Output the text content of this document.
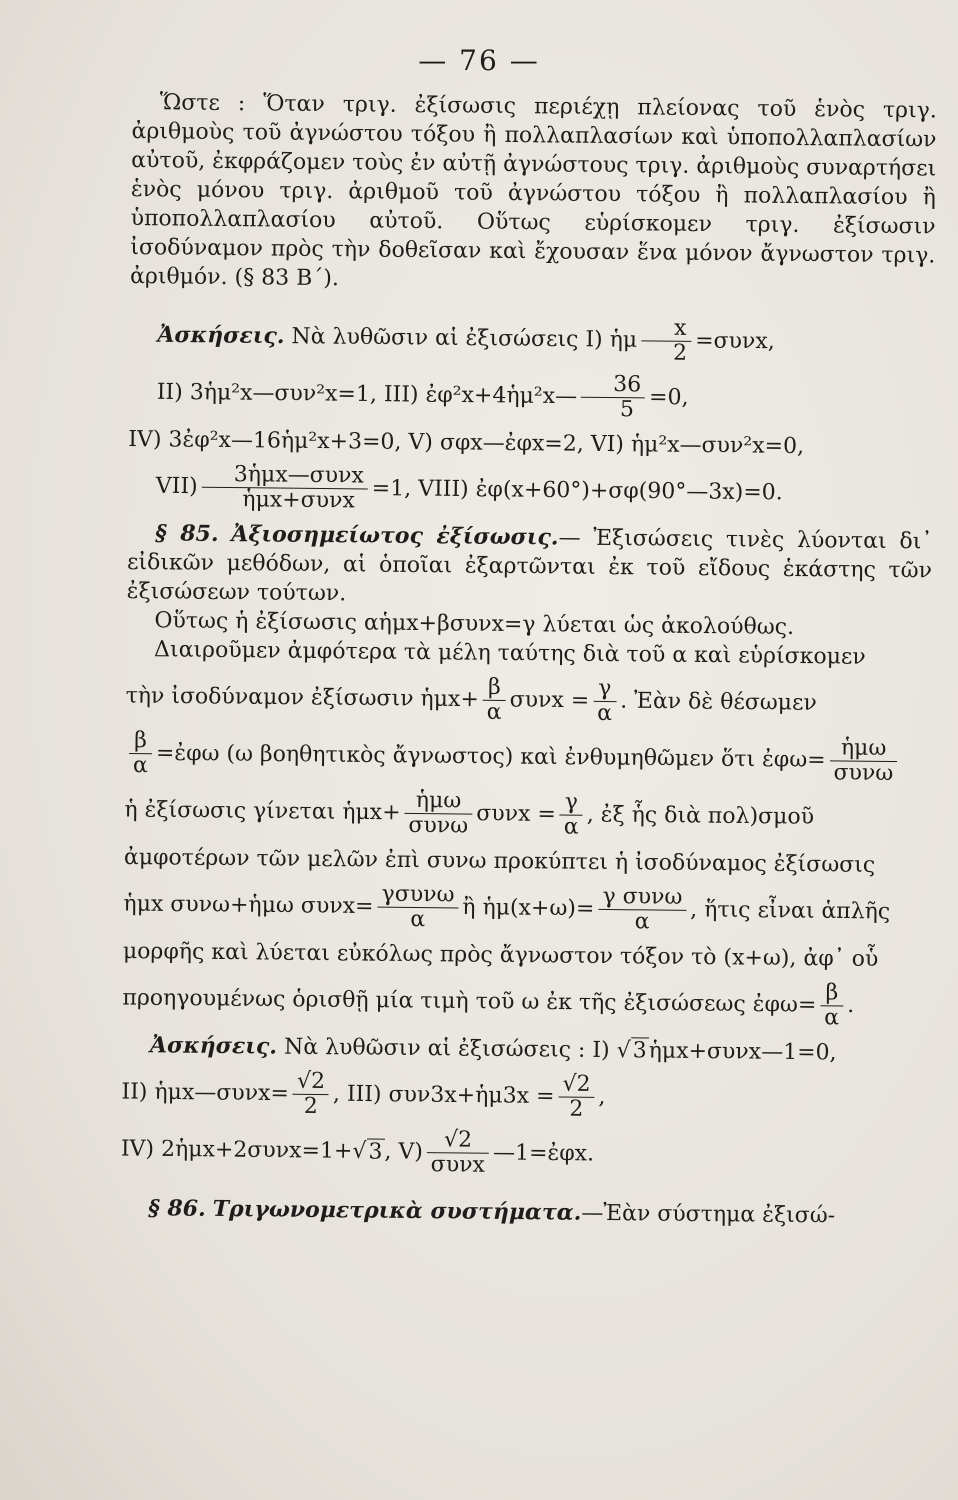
— 76 —

Ὥστε : Ὅταν τριγ. ἐξίσωσις περιέχῃ πλείονας τοῦ ἑνὸς τριγ. ἀριθμοὺς τοῦ ἀγνώστου τόξου ἢ πολλαπλασίων καὶ ὑποπολλαπλασίων αὐτοῦ, ἐκφράζομεν τοὺς ἐν αὐτῇ ἀγνώστους τριγ. ἀριθμοὺς συναρτήσει ἑνὸς μόνου τριγ. ἀριθμοῦ τοῦ ἀγνώστου τόξου ἢ πολλαπλασίου ἢ ὑποπολλαπλασίου αὐτοῦ. Οὕτως εὑρίσκομεν τριγ. ἐξίσωσιν ἰσοδύναμον πρὸς τὴν δοθεῖσαν καὶ ἔχουσαν ἕνα μόνον ἄγνωστον τριγ. ἀριθμόν. (§ 83 Β΄).

Ἀσκήσεις. Νὰ λυθῶσιν αἱ ἐξισώσεις I) ἡμ $\frac{x}{2} =\sigma\upsilon\nu x$,

II) 3ἡμ²x—συν²x=1, III) ἐφ²x+4ἡμ²x— $\frac{36}{5} =0$,

IV) 3ἐφ²x—16ἡμ²x+3=0, V) σφx—ἐφx=2, VI) ἡμ²x—συν²x=0,

$VII) \frac{\text{3ἡμx—συνx}}{\text{ἡμx+συνx}} =1$, VIII) ἐφ(x+60°)+σφ(90°—3x)=0.

§ 85. Ἀξιοσημείωτος ἐξίσωσις.— Ἐξισώσεις τινὲς λύονται δι᾽ εἰδικῶν μεθόδων, αἱ ὁποῖαι ἐξαρτῶνται ἐκ τοῦ εἴδους ἑκάστης τῶν ἐξισώσεων τούτων.

Οὕτως ἡ ἐξίσωσις αἡμx+βσυνx=γ λύεται ὡς ἀκολούθως.

Διαιροῦμεν ἀμφότερα τὰ μέλη ταύτης διὰ τοῦ α καὶ εὑρίσκομεν

τὴν ἰσοδύναμον ἐξίσωσιν ἡμx+ $\frac{\beta}{\alpha}$ $\sigma\upsilon\nu x = \frac{\gamma}{\alpha}$ . Ἐὰν δὲ θέσωμεν

$\frac{\beta}{\alpha}$ =ἐφω (ω βοηθητικὸς ἄγνωστος) καὶ ἐνθυμηθῶμεν ὅτι ἐφω= $\frac{\text{ἡμω}}{\text{συνω}}$

ἡ ἐξίσωσις γίνεται ἡμx+ $\frac{\text{ἡμω}}{\text{συνω}}$ $\sigma\upsilon\nu x = \frac{\gamma}{\alpha}$ , ἐξ ἧς διὰ πολ)σμοῦ

ἀμφοτέρων τῶν μελῶν ἐπὶ συνω προκύπτει ἡ ἰσοδύναμος ἐξίσωσις

ἡμx συνω+ἡμω $\sigma\upsilon\nu x= \frac{\text{γσυνω}}{\alpha}$ ἢ ἡμ(x+ω)= $\frac{\text{γ συνω}}{\alpha}$ , ἥτις εἶναι ἁπλῆς

μορφῆς καὶ λύεται εὐκόλως πρὸς ἄγνωστον τόξον τὸ (x+ω), ἀφ᾽ οὗ

προηγουμένως ὁρισθῇ μία τιμὴ τοῦ ω ἐκ τῆς ἐξισώσεως ἐφω= $\frac{\beta}{\alpha}$ .

Ἀσκήσεις. Νὰ λυθῶσιν αἱ ἐξισώσεις : I) √3ἡμx+συνx—1=0,

II) ἡμx—συνx= $\frac{√2}{2}$ , III) συν3x+ἡμ3x = $\frac{√2}{2}$ ,

IV) 2ἡμx+2συνx=1+√3, $V) \frac{√2}{\text{συνx}}$ —1=ἐφx.

§ 86. Τριγωνομετρικὰ συστήματα.—Ἐὰν σύστημα ἐξισώ-
